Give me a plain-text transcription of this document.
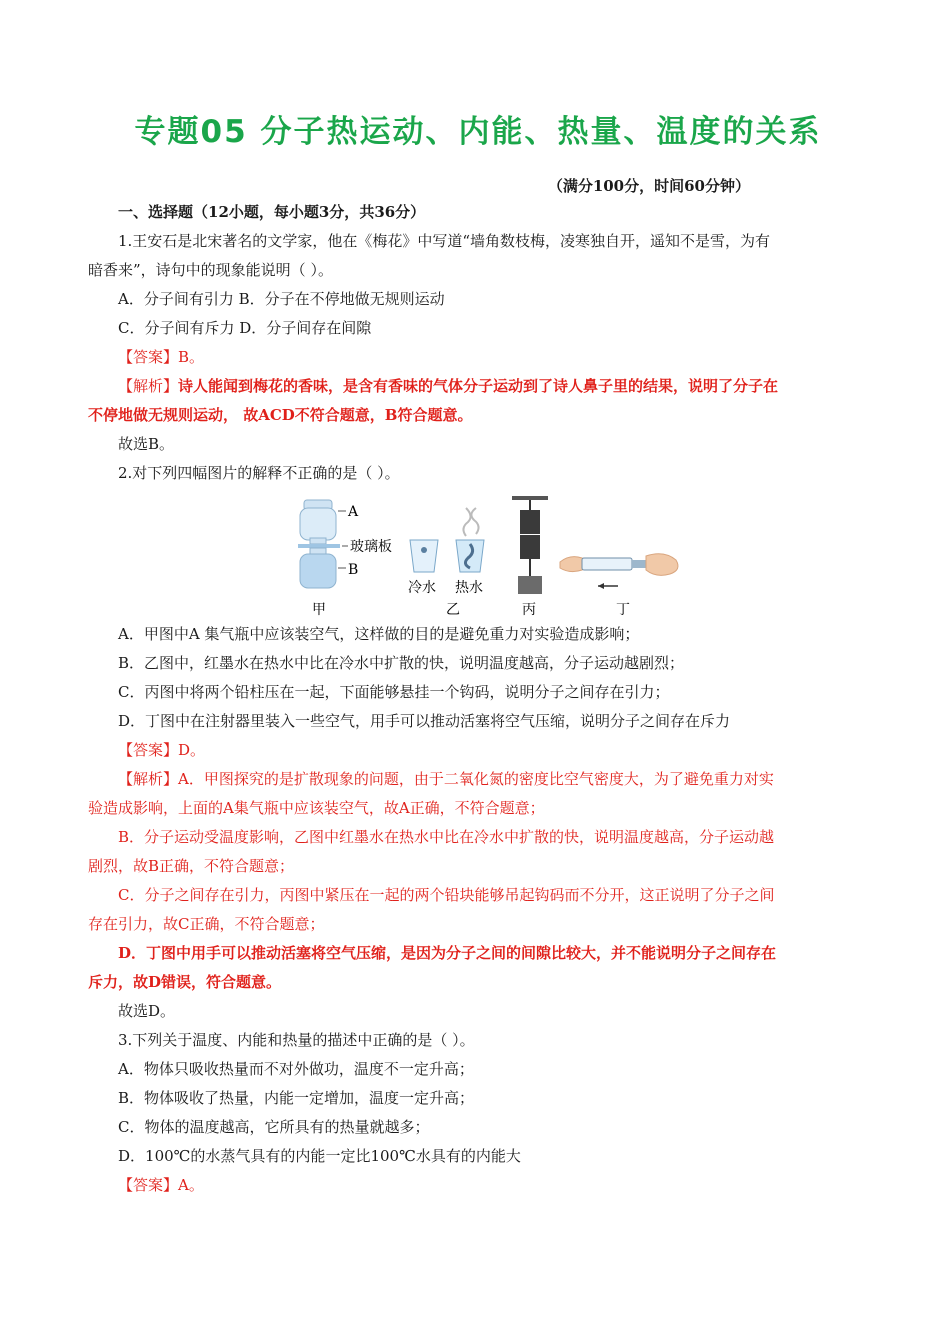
专题05 分子热运动、内能、热量、温度的关系
（满分100分，时间60分钟）
一、选择题（12小题，每小题3分，共36分）
1.王安石是北宋著名的文学家，他在《梅花》中写道“墙角数枝梅，凌寒独自开，遥知不是雪，为有
暗香来”，诗句中的现象能说明（ ）。
A．分子间有引力 B．分子在不停地做无规则运动
C．分子间有斥力 D．分子间存在间隙
【答案】B。
【解析】诗人能闻到梅花的香味，是含有香味的气体分子运动到了诗人鼻子里的结果，说明了分子在
不停地做无规则运动， 故ACD不符合题意，B符合题意。
故选B。
2.对下列四幅图片的解释不正确的是（ ）。
A
玻璃板
B
冷水 热水
甲	乙	丙	丁
A．甲图中A 集气瓶中应该装空气，这样做的目的是避免重力对实验造成影响；
B．乙图中，红墨水在热水中比在冷水中扩散的快，说明温度越高，分子运动越剧烈；
C．丙图中将两个铅柱压在一起，下面能够悬挂一个钩码，说明分子之间存在引力；
D．丁图中在注射器里装入一些空气，用手可以推动活塞将空气压缩，说明分子之间存在斥力
【答案】D。
【解析】A．甲图探究的是扩散现象的问题，由于二氧化氮的密度比空气密度大，为了避免重力对实
验造成影响，上面的A集气瓶中应该装空气，故A正确，不符合题意；
B．分子运动受温度影响，乙图中红墨水在热水中比在冷水中扩散的快，说明温度越高，分子运动越
剧烈，故B正确，不符合题意；
C．分子之间存在引力，丙图中紧压在一起的两个铅块能够吊起钩码而不分开，这正说明了分子之间
存在引力，故C正确，不符合题意；
D．丁图中用手可以推动活塞将空气压缩，是因为分子之间的间隙比较大，并不能说明分子之间存在
斥力，故D错误，符合题意。
故选D。
3.下列关于温度、内能和热量的描述中正确的是（ ）。
A．物体只吸收热量而不对外做功，温度不一定升高；
B．物体吸收了热量，内能一定增加，温度一定升高；
C．物体的温度越高，它所具有的热量就越多；
D．100℃的水蒸气具有的内能一定比100℃水具有的内能大
【答案】A。
